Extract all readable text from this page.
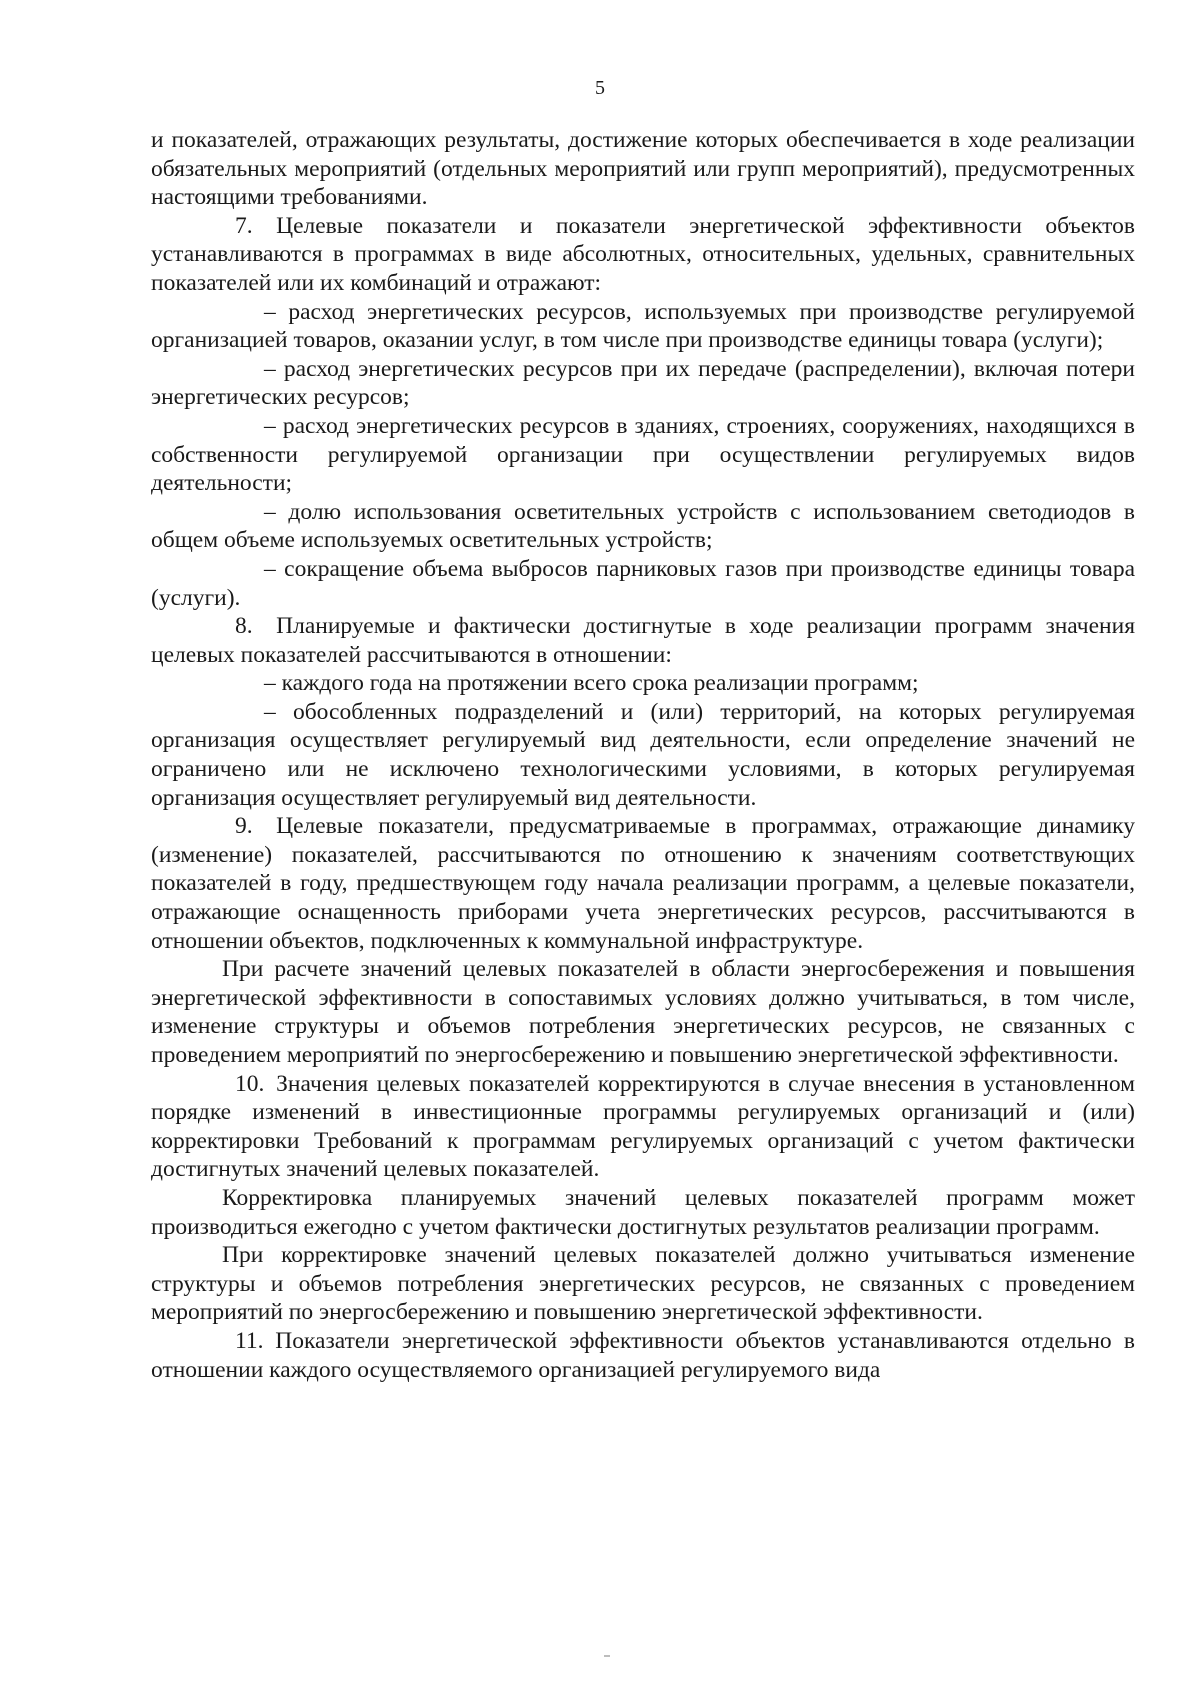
5

и показателей, отражающих результаты, достижение которых обеспечивается в ходе реализации обязательных мероприятий (отдельных мероприятий или групп мероприятий), предусмотренных настоящими требованиями.

7. Целевые показатели и показатели энергетической эффективности объектов устанавливаются в программах в виде абсолютных, относительных, удельных, сравнительных показателей или их комбинаций и отражают:

– расход энергетических ресурсов, используемых при производстве регулируемой организацией товаров, оказании услуг, в том числе при производстве единицы товара (услуги);

– расход энергетических ресурсов при их передаче (распределении), включая потери энергетических ресурсов;

– расход энергетических ресурсов в зданиях, строениях, сооружениях, находящихся в собственности регулируемой организации при осуществлении регулируемых видов деятельности;

– долю использования осветительных устройств с использованием светодиодов в общем объеме используемых осветительных устройств;

– сокращение объема выбросов парниковых газов при производстве единицы товара (услуги).

8. Планируемые и фактически достигнутые в ходе реализации программ значения целевых показателей рассчитываются в отношении:

– каждого года на протяжении всего срока реализации программ;

– обособленных подразделений и (или) территорий, на которых регулируемая организация осуществляет регулируемый вид деятельности, если определение значений не ограничено или не исключено технологическими условиями, в которых регулируемая организация осуществляет регулируемый вид деятельности.

9. Целевые показатели, предусматриваемые в программах, отражающие динамику (изменение) показателей, рассчитываются по отношению к значениям соответствующих показателей в году, предшествующем году начала реализации программ, а целевые показатели, отражающие оснащенность приборами учета энергетических ресурсов, рассчитываются в отношении объектов, подключенных к коммунальной инфраструктуре.

При расчете значений целевых показателей в области энергосбережения и повышения энергетической эффективности в сопоставимых условиях должно учитываться, в том числе, изменение структуры и объемов потребления энергетических ресурсов, не связанных с проведением мероприятий по энергосбережению и повышению энергетической эффективности.

10. Значения целевых показателей корректируются в случае внесения в установленном порядке изменений в инвестиционные программы регулируемых организаций и (или) корректировки Требований к программам регулируемых организаций с учетом фактически достигнутых значений целевых показателей.

Корректировка планируемых значений целевых показателей программ может производиться ежегодно с учетом фактически достигнутых результатов реализации программ.

При корректировке значений целевых показателей должно учитываться изменение структуры и объемов потребления энергетических ресурсов, не связанных с проведением мероприятий по энергосбережению и повышению энергетической эффективности.

11. Показатели энергетической эффективности объектов устанавливаются отдельно в отношении каждого осуществляемого организацией регулируемого вида
